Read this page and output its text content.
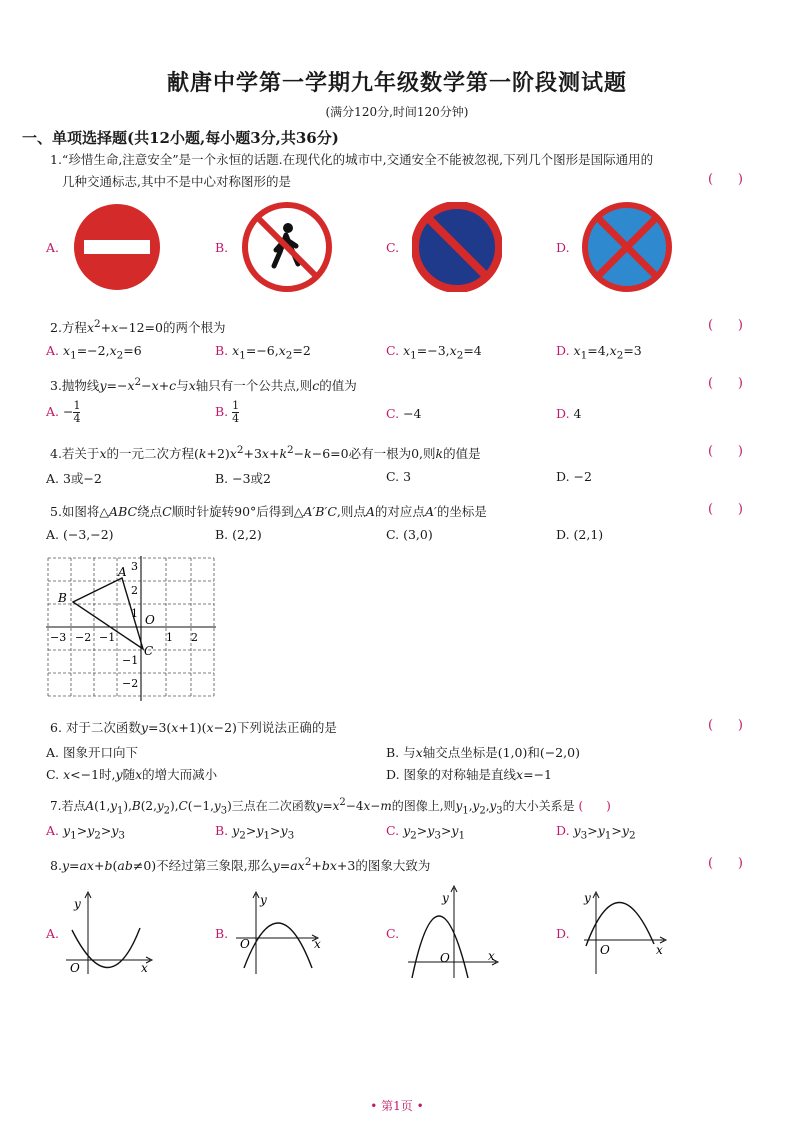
献唐中学第一学期九年级数学第一阶段测试题
(满分120分,时间120分钟)
一、单项选择题(共12小题,每小题3分,共36分)
1.“珍惜生命,注意安全”是一个永恒的话题.在现代化的城市中,交通安全不能被忽视,下列几个图形是国际通用的
几种交通标志,其中不是中心对称图形的是	(      )
A.	B.	C.	D.
2.方程$x^2+x-12=0$的两个根为	(      )
A. $x_1=-2,x_2=6$	B. $x_1=-6,x_2=2$	C. $x_1=-3,x_2=4$	D. $x_1=4,x_2=3$
3.抛物线$y=-x^2-x+c$与x轴只有一个公共点,则c的值为	(      )
A. − $\frac{1}{4}$	B. $\frac{1}{4}$	C. −4	D. 4
4.若关于x的一元二次方程$(k+2)x^2+3x+k^2-k-6=0$必有一根为0,则k的值是	(      )
A. 3或−2	B. −3或2	C. 3	D. −2
5.如图将△ABC绕点C顺时针旋转90°后得到△A′B′C,则点A的对应点A′的坐标是	(      )
A. (−3,−2)	B. (2,2)	C. (3,0)	D. (2,1)
A
B
C
O
3
2
1
−1
−2
−3 −2 −1	1 2
6. 对于二次函数y=3(x+1)(x−2)下列说法正确的是	(      )
A. 图象开口向下	B. 与x轴交点坐标是(1,0)和(−2,0)
C. x<−1时,y随x的增大而减小	D. 图象的对称轴是直线x=−1
7.若点$A(1,y_1),B(2,y_2),C(-1,y_3)$三点在二次函数$y=x^2-4x-m$的图像上,则$y_1,y_2,y_3$的大小关系是 (      )
A. $y_1>y_2>y_3$	B. $y_2>y_1>y_3$	C. $y_2>y_3>y_1$	D. $y_3>y_1>y_2$
8.y=ax+b(ab≠0)不经过第三象限,那么$y=ax^2+bx+3$的图象大致为	(      )
A.	B.	C.	D.
y
O	x
y
O	x
y
O	x
y
O	x
• 第1页 •
